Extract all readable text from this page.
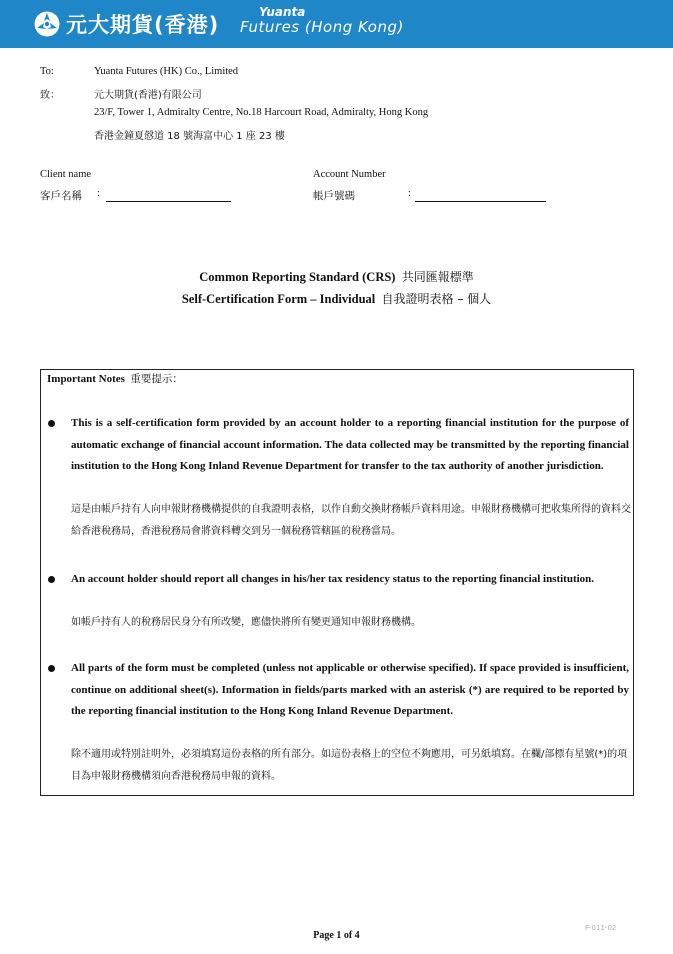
元大期貨(香港)
Yuanta
Futures (Hong Kong)
To:	Yuanta Futures (HK) Co., Limited
致：	元大期貨(香港)有限公司
23/F, Tower 1, Admiralty Centre, No.18 Harcourt Road, Admiralty, Hong Kong
香港金鐘夏慤道 18 號海富中心 1 座 23 樓
Client name
客戶名稱 :
Account Number
帳戶號碼	:
Common Reporting Standard (CRS) 共同匯報標準
Self-Certification Form – Individual 自我證明表格 – 個人
Important Notes 重要提示：
This is a self-certification form provided by an account holder to a reporting financial institution for the purpose of automatic exchange of financial account information. The data collected may be transmitted by the reporting financial institution to the Hong Kong Inland Revenue Department for transfer to the tax authority of another jurisdiction.
這是由帳戶持有人向申報財務機構提供的自我證明表格，以作自動交換財務帳戶資料用途。申報財務機構可把收集所得的資料交給香港稅務局，香港稅務局會將資料轉交到另一個稅務管轄區的稅務當局。
An account holder should report all changes in his/her tax residency status to the reporting financial institution.
如帳戶持有人的稅務居民身分有所改變，應儘快將所有變更通知申報財務機構。
All parts of the form must be completed (unless not applicable or otherwise specified). If space provided is insufficient, continue on additional sheet(s). Information in fields/parts marked with an asterisk (*) are required to be reported by the reporting financial institution to the Hong Kong Inland Revenue Department.
除不適用或特別註明外，必須填寫這份表格的所有部分。如這份表格上的空位不夠應用，可另紙填寫。在欄/部標有星號(*)的項目為申報財務機構須向香港稅務局申報的資料。
Page 1 of 4
F-011-02
